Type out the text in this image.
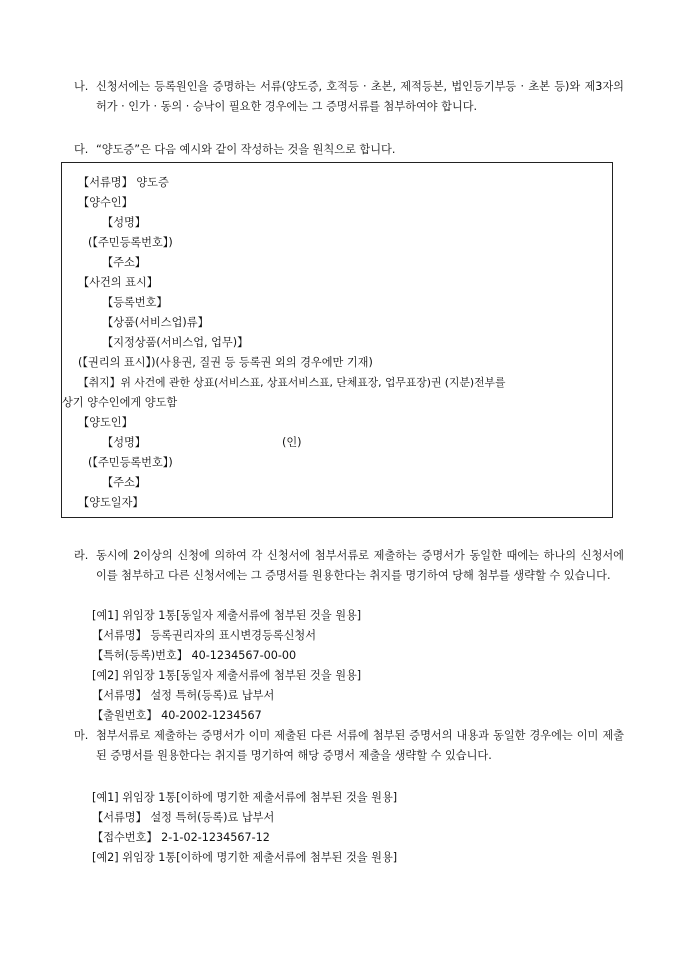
나. 신청서에는 등록원인을 증명하는 서류(양도증, 호적등 · 초본, 제적등본, 법인등기부등 · 초본 등)와 제3자의 허가 · 인가 · 동의 · 승낙이 필요한 경우에는 그 증명서류를 첨부하여야 합니다.
다. “양도증”은 다음 예시와 같이 작성하는 것을 원칙으로 합니다.
【서류명】 양도증
【양수인】
【성명】
(【주민등록번호】)
【주소】
【사건의 표시】
【등록번호】
【상품(서비스업)류】
【지정상품(서비스업, 업무)】
(【권리의 표시】)(사용권, 질권 등 등록권 외의 경우에만 기재)
【취지】위 사건에 관한 상표(서비스표, 상표서비스표, 단체표장, 업무표장)권 (지분)전부를
상기 양수인에게 양도함
【양도인】
【성명】	(인)
(【주민등록번호】)
【주소】
【양도일자】
라. 동시에 2이상의 신청에 의하여 각 신청서에 첨부서류로 제출하는 증명서가 동일한 때에는 하나의 신청서에 이를 첨부하고 다른 신청서에는 그 증명서를 원용한다는 취지를 명기하여 당해 첨부를 생략할 수 있습니다.
[예1] 위임장 1통[동일자 제출서류에 첨부된 것을 원용]
【서류명】 등록권리자의 표시변경등록신청서
【특허(등록)번호】 40-1234567-00-00
[예2] 위임장 1통[동일자 제출서류에 첨부된 것을 원용]
【서류명】 설정 특허(등록)료 납부서
【출원번호】 40-2002-1234567
마. 첨부서류로 제출하는 증명서가 이미 제출된 다른 서류에 첨부된 증명서의 내용과 동일한 경우에는 이미 제출된 증명서를 원용한다는 취지를 명기하여 해당 증명서 제출을 생략할 수 있습니다.
[예1] 위임장 1통[이하에 명기한 제출서류에 첨부된 것을 원용]
【서류명】 설정 특허(등록)료 납부서
【접수번호】 2-1-02-1234567-12
[예2] 위임장 1통[이하에 명기한 제출서류에 첨부된 것을 원용]
